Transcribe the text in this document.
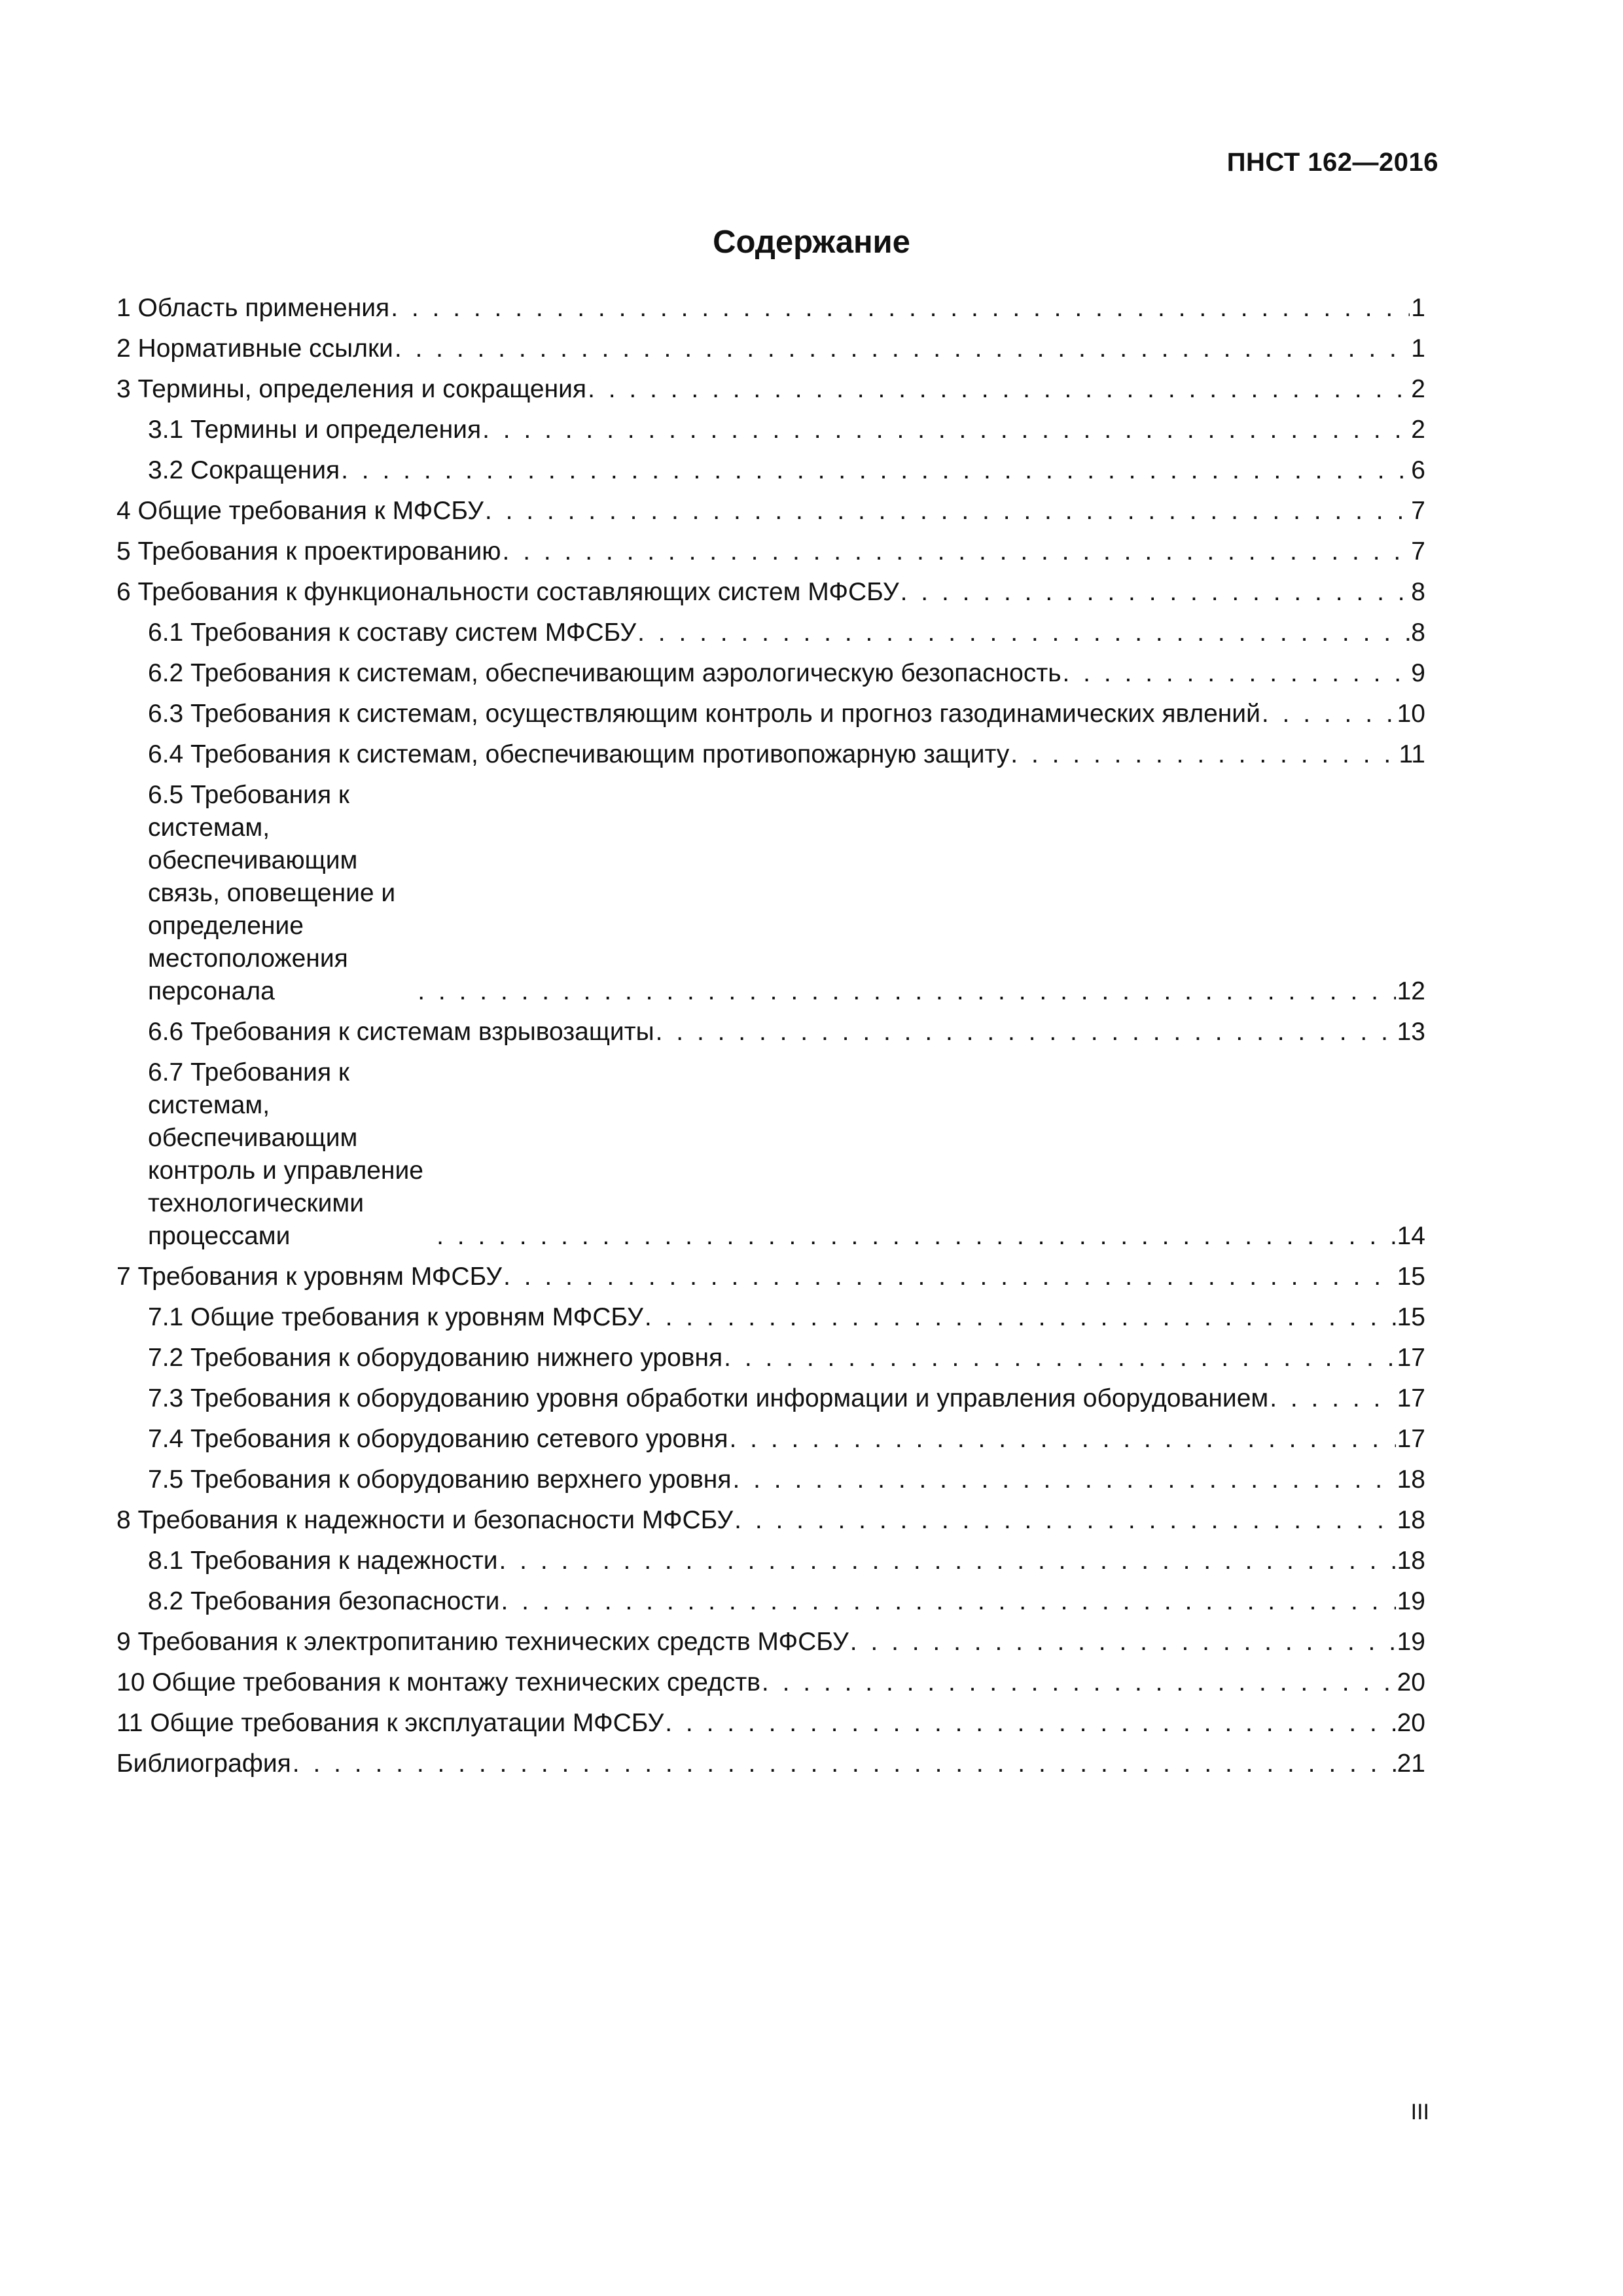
ПНСТ 162—2016
Содержание
1 Область применения . . .	1
2 Нормативные ссылки . . .	1
3 Термины, определения и сокращения . . .	2
3.1 Термины и определения . . .	2
3.2 Сокращения . . .	6
4 Общие требования к МФСБУ . . .	7
5 Требования к проектированию . . .	7
6 Требования к функциональности составляющих систем МФСБУ . . .	8
6.1 Требования к составу систем МФСБУ . . .	8
6.2 Требования к системам, обеспечивающим аэрологическую безопасность . . .	9
6.3 Требования к системам, осуществляющим контроль и прогноз газодинамических явлений . . .	10
6.4 Требования к системам, обеспечивающим противопожарную защиту . . .	11
6.5 Требования к системам, обеспечивающим связь, оповещение и определение
местоположения персонала . . .	12
6.6 Требования к системам взрывозащиты . . .	13
6.7 Требования к системам, обеспечивающим контроль и управление технологическими
процессами . . .	14
7 Требования к уровням МФСБУ . . .	15
7.1 Общие требования к уровням МФСБУ . . .	15
7.2 Требования к оборудованию нижнего уровня . . .	17
7.3 Требования к оборудованию уровня обработки информации и управления оборудованием . . .	17
7.4 Требования к оборудованию сетевого уровня . . .	17
7.5 Требования к оборудованию верхнего уровня . . .	18
8 Требования к надежности и безопасности МФСБУ . . .	18
8.1 Требования к надежности . . .	18
8.2 Требования безопасности . . .	19
9 Требования к электропитанию технических средств МФСБУ . . .	19
10 Общие требования к монтажу технических средств . . .	20
11 Общие требования к эксплуатации МФСБУ . . .	20
Библиография . . .	21
III
